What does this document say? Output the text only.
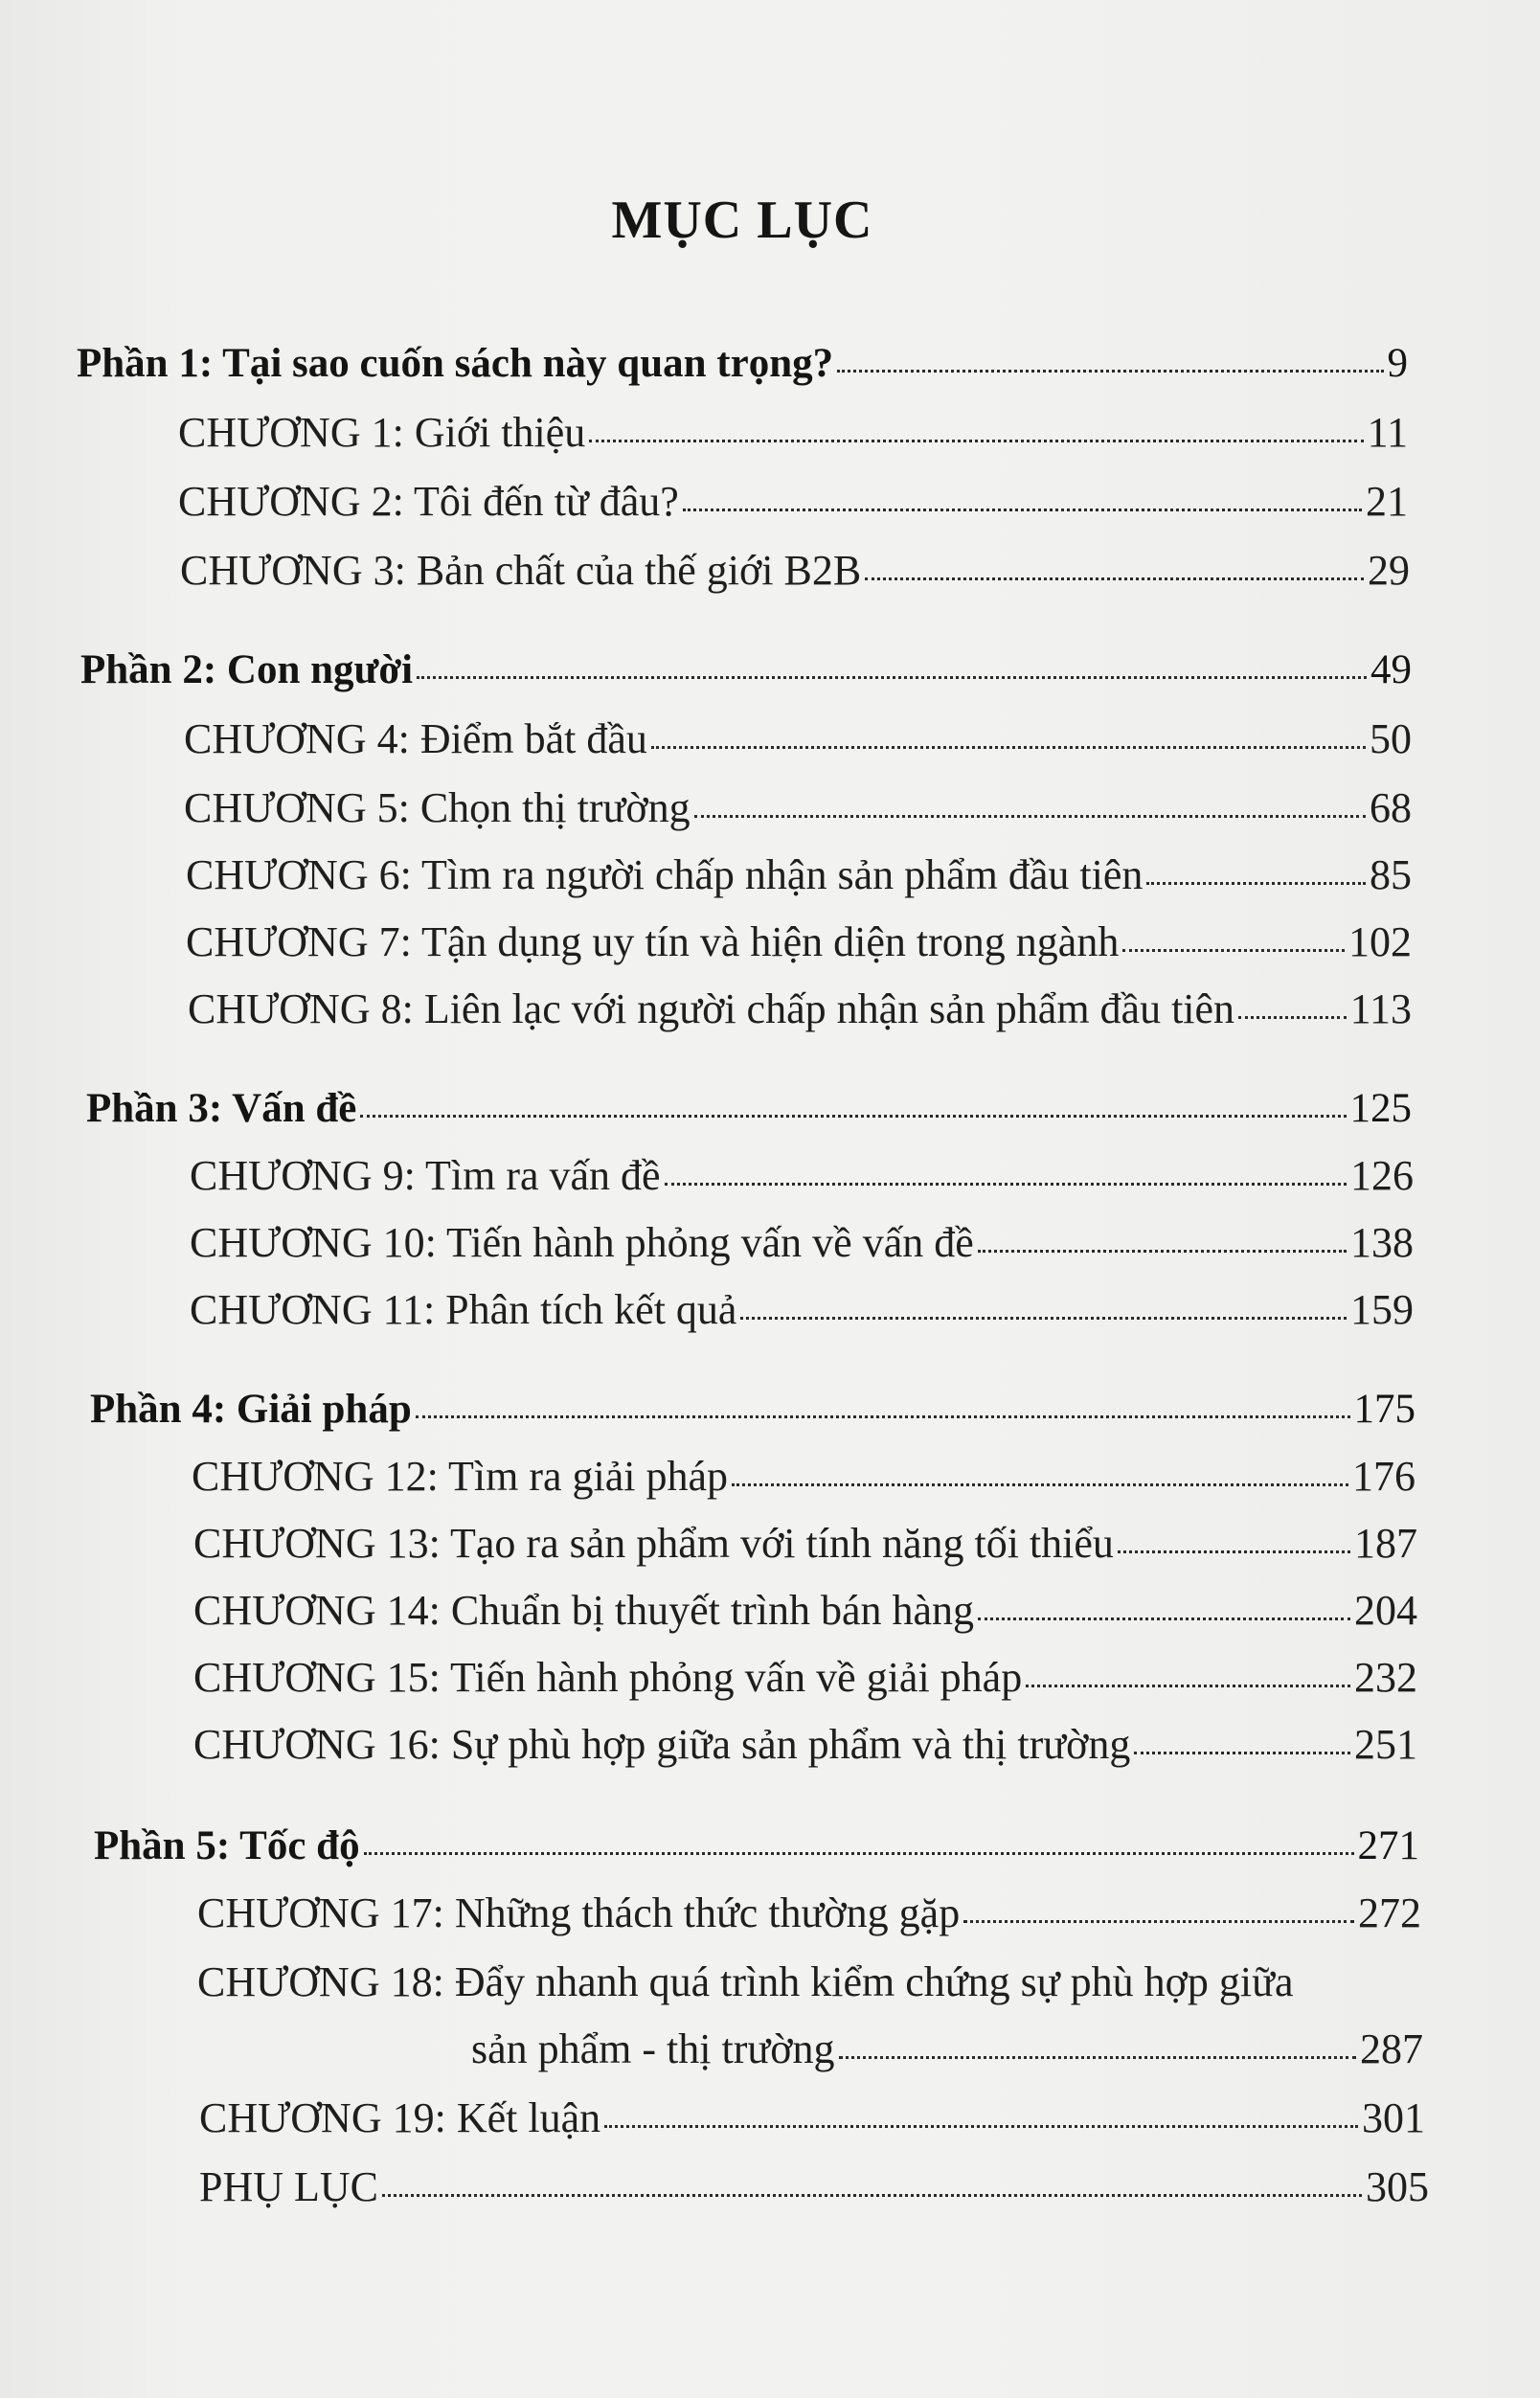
MỤC LỤC
Phần 1: Tại sao cuốn sách này quan trọng?	9
CHƯƠNG 1: Giới thiệu	11
CHƯƠNG 2: Tôi đến từ đâu?	21
CHƯƠNG 3: Bản chất của thế giới B2B	29
Phần 2: Con người	49
CHƯƠNG 4: Điểm bắt đầu	50
CHƯƠNG 5: Chọn thị trường	68
CHƯƠNG 6: Tìm ra người chấp nhận sản phẩm đầu tiên	85
CHƯƠNG 7: Tận dụng uy tín và hiện diện trong ngành	102
CHƯƠNG 8: Liên lạc với người chấp nhận sản phẩm đầu tiên	113
Phần 3: Vấn đề	125
CHƯƠNG 9: Tìm ra vấn đề	126
CHƯƠNG 10: Tiến hành phỏng vấn về vấn đề	138
CHƯƠNG 11: Phân tích kết quả	159
Phần 4: Giải pháp	175
CHƯƠNG 12: Tìm ra giải pháp	176
CHƯƠNG 13: Tạo ra sản phẩm với tính năng tối thiểu	187
CHƯƠNG 14: Chuẩn bị thuyết trình bán hàng	204
CHƯƠNG 15: Tiến hành phỏng vấn về giải pháp	232
CHƯƠNG 16: Sự phù hợp giữa sản phẩm và thị trường	251
Phần 5: Tốc độ	271
CHƯƠNG 17: Những thách thức thường gặp	272
CHƯƠNG 18: Đẩy nhanh quá trình kiểm chứng sự phù hợp giữa
sản phẩm - thị trường	287
CHƯƠNG 19: Kết luận	301
PHỤ LỤC	305
